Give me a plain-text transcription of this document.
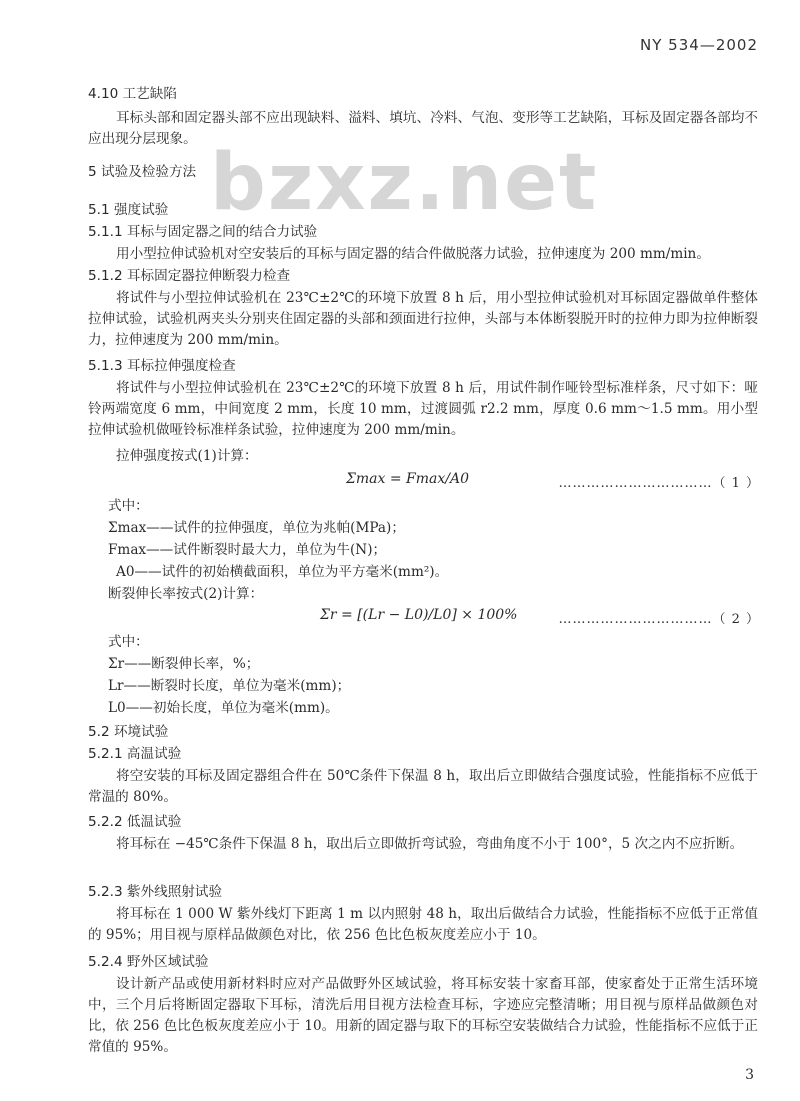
NY 534—2002
bzxz.net
4.10 工艺缺陷
耳标头部和固定器头部不应出现缺料、溢料、填坑、冷料、气泡、变形等工艺缺陷，耳标及固定器各部均不应出现分层现象。
5 试验及检验方法
5.1 强度试验
5.1.1 耳标与固定器之间的结合力试验
用小型拉伸试验机对空安装后的耳标与固定器的结合件做脱落力试验，拉伸速度为 200 mm/min。
5.1.2 耳标固定器拉伸断裂力检查
将试件与小型拉伸试验机在 23℃±2℃的环境下放置 8 h 后，用小型拉伸试验机对耳标固定器做单件整体拉伸试验，试验机两夹头分别夹住固定器的头部和颈面进行拉伸，头部与本体断裂脱开时的拉伸力即为拉伸断裂力，拉伸速度为 200 mm/min。
5.1.3 耳标拉伸强度检查
将试件与小型拉伸试验机在 23℃±2℃的环境下放置 8 h 后，用试件制作哑铃型标准样条，尺寸如下：哑铃两端宽度 6 mm，中间宽度 2 mm，长度 10 mm，过渡圆弧 r2.2 mm，厚度 0.6 mm～1.5 mm。用小型拉伸试验机做哑铃标准样条试验，拉伸速度为 200 mm/min。
拉伸强度按式(1)计算：
Σmax = Fmax/A0	……………………………（ 1 ）
式中：
Σmax——试件的拉伸强度，单位为兆帕(MPa)；
Fmax——试件断裂时最大力，单位为牛(N)；
A0——试件的初始横截面积，单位为平方毫米(mm²)。
断裂伸长率按式(2)计算：
Σr = [(Lr − L0)/L0] × 100%	……………………………（ 2 ）
式中：
Σr——断裂伸长率，%；
Lr——断裂时长度，单位为毫米(mm)；
L0——初始长度，单位为毫米(mm)。
5.2 环境试验
5.2.1 高温试验
将空安装的耳标及固定器组合件在 50℃条件下保温 8 h，取出后立即做结合强度试验，性能指标不应低于常温的 80%。
5.2.2 低温试验
将耳标在 −45℃条件下保温 8 h，取出后立即做折弯试验，弯曲角度不小于 100°，5 次之内不应折断。
5.2.3 紫外线照射试验
将耳标在 1 000 W 紫外线灯下距离 1 m 以内照射 48 h，取出后做结合力试验，性能指标不应低于正常值的 95%；用目视与原样品做颜色对比，依 256 色比色板灰度差应小于 10。
5.2.4 野外区域试验
设计新产品或使用新材料时应对产品做野外区域试验，将耳标安装十家畜耳部，使家畜处于正常生活环境中，三个月后将断固定器取下耳标，清洗后用目视方法检查耳标，字迹应完整清晰；用目视与原样品做颜色对比，依 256 色比色板灰度差应小于 10。用新的固定器与取下的耳标空安装做结合力试验，性能指标不应低于正常值的 95%。
3
